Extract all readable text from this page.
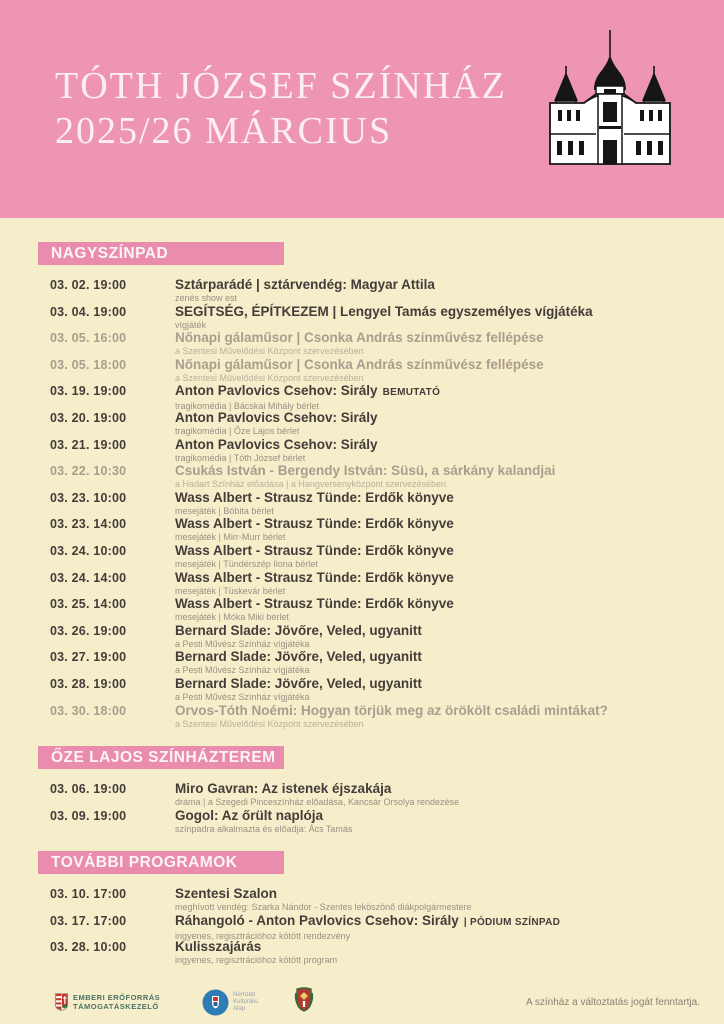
TÓTH JÓZSEF SZÍNHÁZ
2025/26 MÁRCIUS
NAGYSZÍNPAD
03. 02. 19:00	Sztárparádé | sztárvendég: Magyar Attila
zenés show est
03. 04. 19:00	SEGÍTSÉG, ÉPÍTKEZEM | Lengyel Tamás egyszemélyes vígjátéka
vígjáték
03. 05. 16:00	Nőnapi gálaműsor | Csonka András színművész fellépése
a Szentesi Művelődési Központ szervezésében
03. 05. 18:00	Nőnapi gálaműsor | Csonka András színművész fellépése
a Szentesi Művelődési Központ szervezésében
03. 19. 19:00	Anton Pavlovics Csehov: Sirály BEMUTATÓ
tragikomédia | Bácskai Mihály bérlet
03. 20. 19:00	Anton Pavlovics Csehov: Sirály
tragikomédia | Őze Lajos bérlet
03. 21. 19:00	Anton Pavlovics Csehov: Sirály
tragikomédia | Tóth József bérlet
03. 22. 10:30	Csukás István - Bergendy István: Süsü, a sárkány kalandjai
a Hadart Színház előadása | a Hangversenyközpont szervezésében
03. 23. 10:00	Wass Albert - Strausz Tünde: Erdők könyve
mesejáték | Bóbita bérlet
03. 23. 14:00	Wass Albert - Strausz Tünde: Erdők könyve
mesejáték | Mirr-Murr bérlet
03. 24. 10:00	Wass Albert - Strausz Tünde: Erdők könyve
mesejáték | Tündérszép Ilona bérlet
03. 24. 14:00	Wass Albert - Strausz Tünde: Erdők könyve
mesejáték | Tüskevár bérlet
03. 25. 14:00	Wass Albert - Strausz Tünde: Erdők könyve
mesejáték | Móka Miki bérlet
03. 26. 19:00	Bernard Slade: Jövőre, Veled, ugyanitt
a Pesti Művész Színház vígjátéka
03. 27. 19:00	Bernard Slade: Jövőre, Veled, ugyanitt
a Pesti Művész Színház vígjátéka
03. 28. 19:00	Bernard Slade: Jövőre, Veled, ugyanitt
a Pesti Művész Színház vígjátéka
03. 30. 18:00	Orvos-Tóth Noémi: Hogyan törjük meg az örökölt családi mintákat?
a Szentesi Művelődési Központ szervezésében
ŐZE LAJOS SZÍNHÁZTEREM
03. 06. 19:00	Miro Gavran: Az istenek éjszakája
dráma | a Szegedi Pinceszínház előadása, Kancsár Orsolya rendezése
03. 09. 19:00	Gogol: Az őrült naplója
színpadra alkalmazta és előadja: Ács Tamás
TOVÁBBI PROGRAMOK
03. 10. 17:00	Szentesi Szalon
meghívott vendég: Szarka Nándor - Szentes leköszönő diákpolgármestere
03. 17. 17:00	Ráhangoló - Anton Pavlovics Csehov: Sirály | PÓDIUM SZÍNPAD
ingyenes, regisztrációhoz kötött rendezvény
03. 28. 10:00	Kulisszajárás
ingyenes, regisztrációhoz kötött program
EMBERI ERŐFORRÁS
TÁMOGATÁSKEZELŐ
Nemzeti
Kulturális
Alap
A színház a változtatás jogát fenntartja.
